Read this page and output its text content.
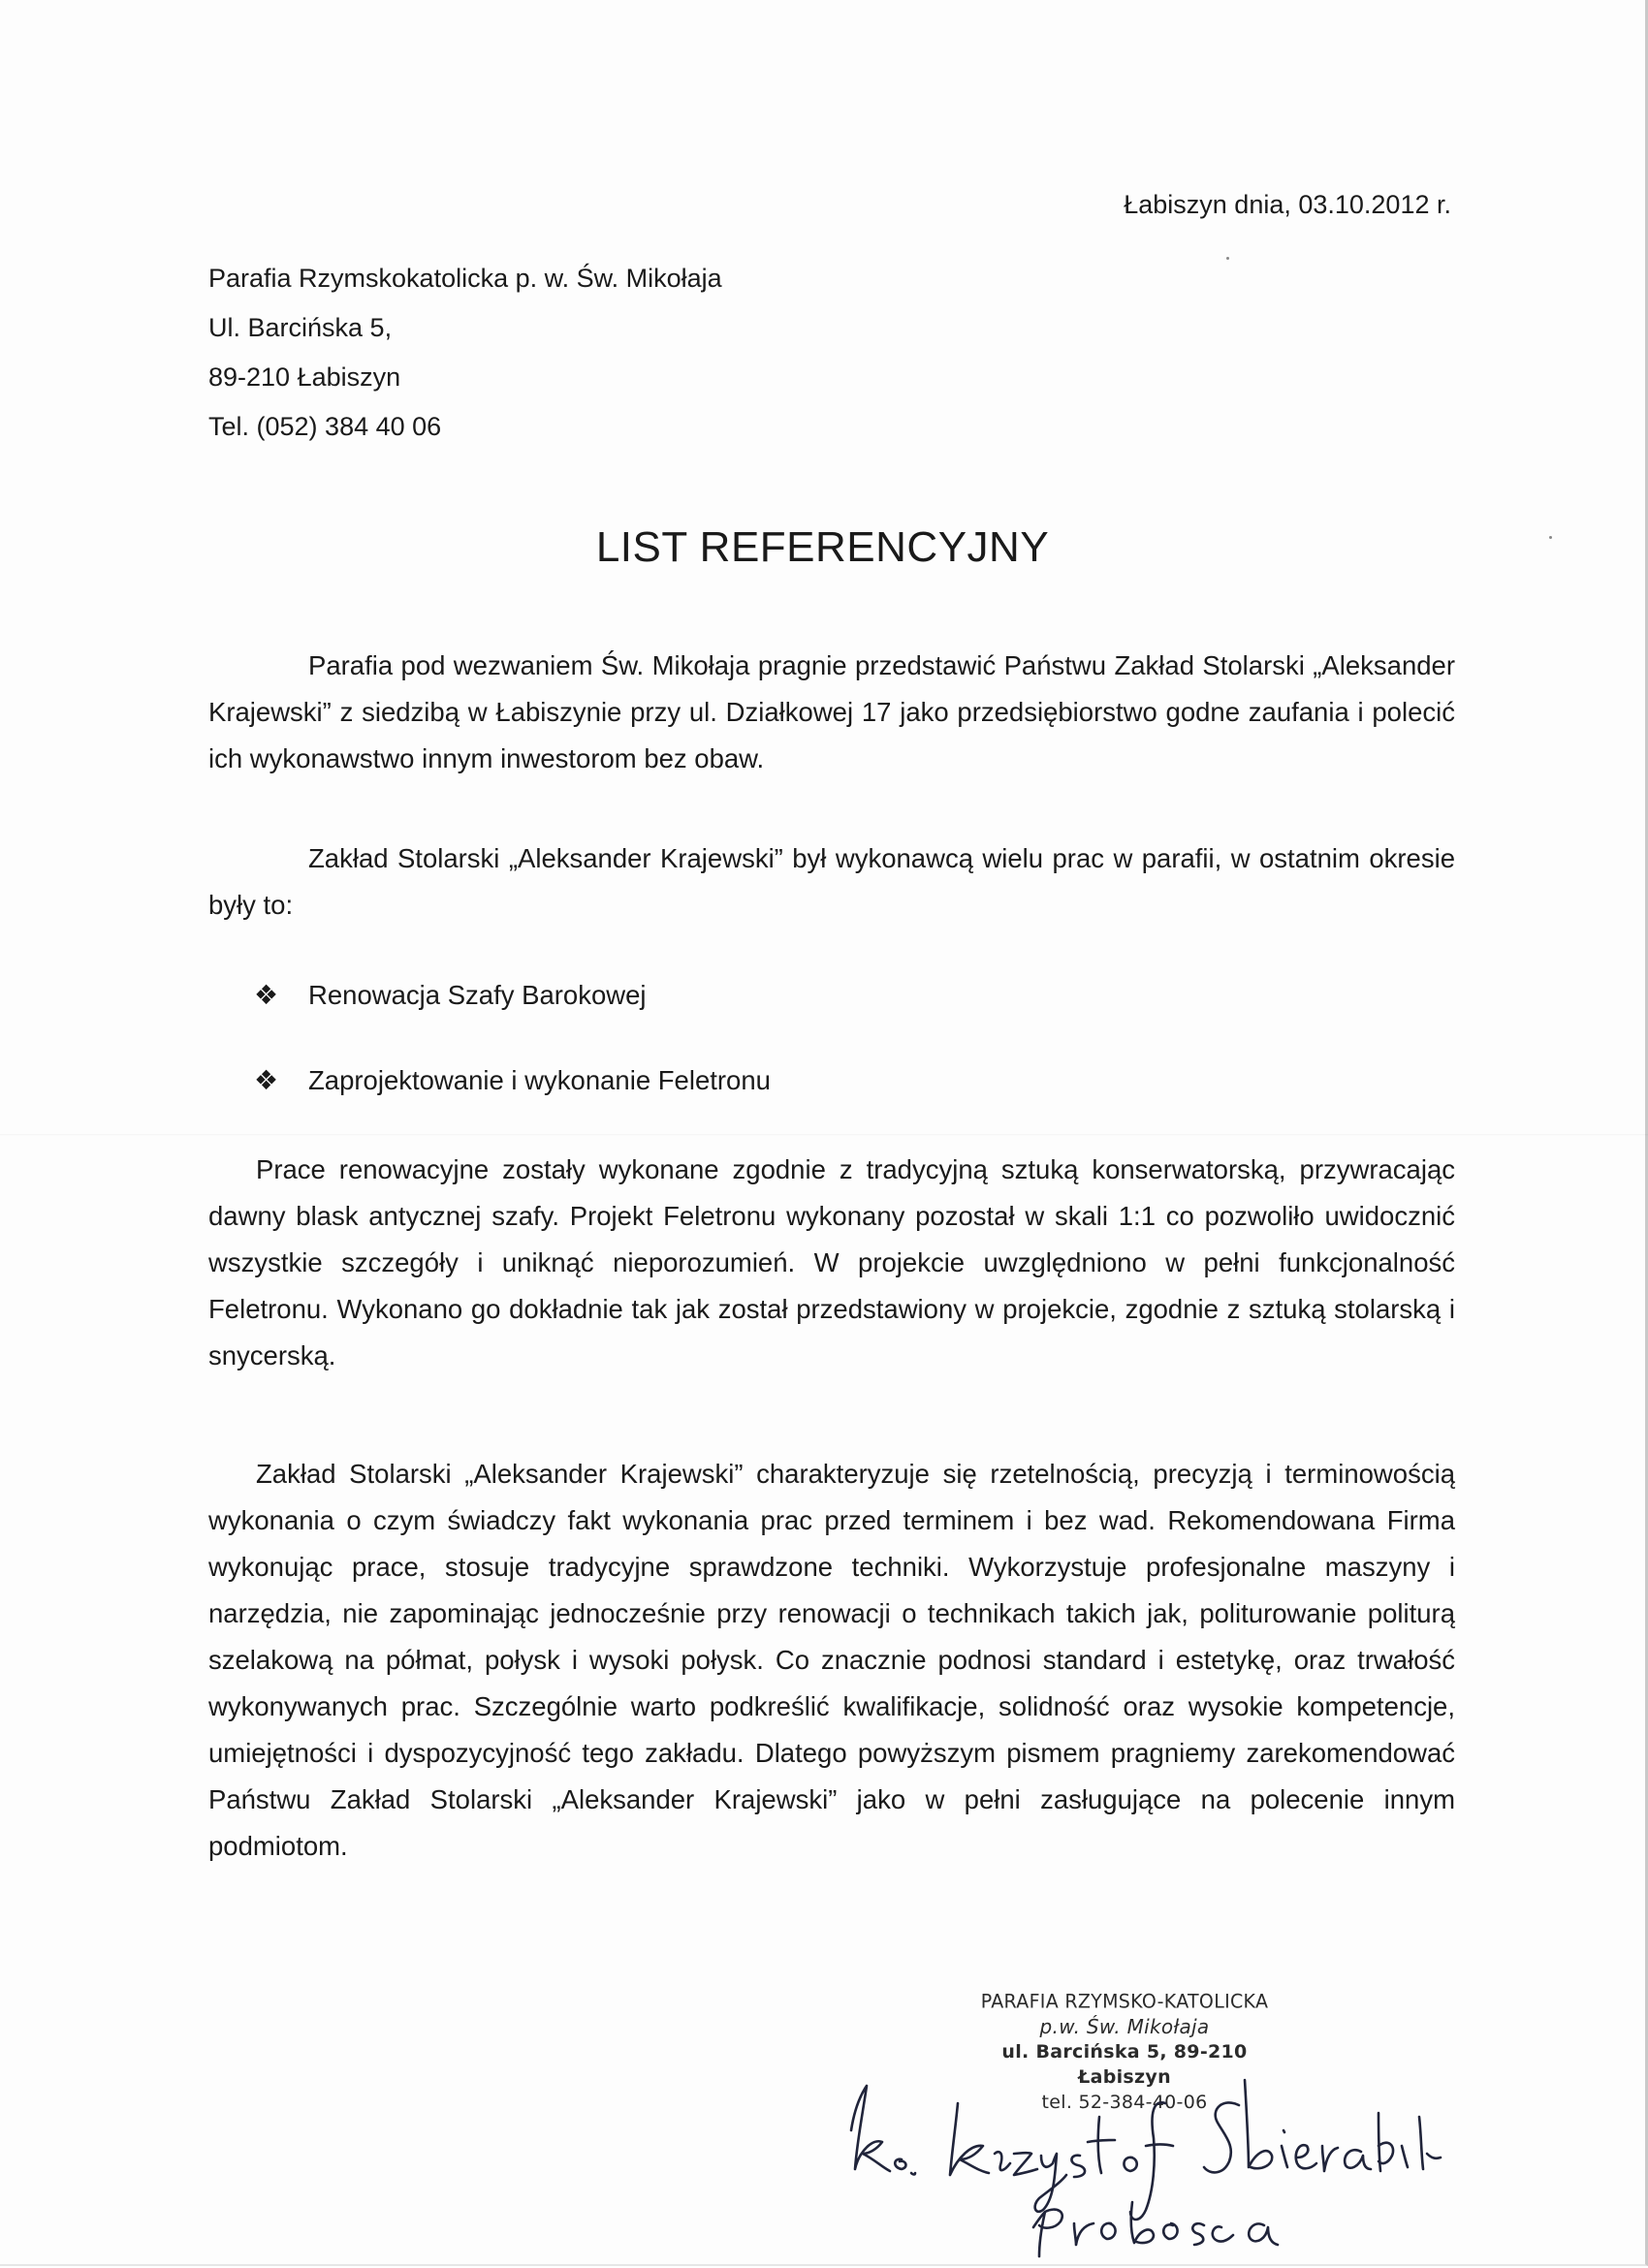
Łabiszyn dnia, 03.10.2012 r.
Parafia Rzymskokatolicka p. w. Św. Mikołaja
Ul. Barcińska 5,
89-210 Łabiszyn
Tel. (052) 384 40 06
LIST REFERENCYJNY

Parafia pod wezwaniem Św. Mikołaja pragnie przedstawić Państwu Zakład Stolarski „Aleksander Krajewski” z siedzibą w Łabiszynie przy ul. Działkowej 17 jako przedsiębiorstwo godne zaufania i polecić ich wykonawstwo innym inwestorom bez obaw.

Zakład Stolarski „Aleksander Krajewski” był wykonawcą wielu prac w parafii, w ostatnim okresie były to:

❖ Renowacja Szafy Barokowej
❖ Zaprojektowanie i wykonanie Feletronu

Prace renowacyjne zostały wykonane zgodnie z tradycyjną sztuką konserwatorską, przywracając dawny blask antycznej szafy. Projekt Feletronu wykonany pozostał w skali 1:1 co pozwoliło uwidocznić wszystkie szczegóły i uniknąć nieporozumień. W projekcie uwzględniono w pełni funkcjonalność Feletronu. Wykonano go dokładnie tak jak został przedstawiony w projekcie, zgodnie z sztuką stolarską i snycerską.

Zakład Stolarski „Aleksander Krajewski” charakteryzuje się rzetelnością, precyzją i terminowością wykonania o czym świadczy fakt wykonania prac przed terminem i bez wad. Rekomendowana Firma wykonując prace, stosuje tradycyjne sprawdzone techniki. Wykorzystuje profesjonalne maszyny i narzędzia, nie zapominając jednocześnie przy renowacji o technikach takich jak, politurowanie politurą szelakową na półmat, połysk i wysoki połysk. Co znacznie podnosi standard i estetykę, oraz trwałość wykonywanych prac. Szczególnie warto podkreślić kwalifikacje, solidność oraz wysokie kompetencje, umiejętności i dyspozycyjność tego zakładu. Dlatego powyższym pismem pragniemy zarekomendować Państwu Zakład Stolarski „Aleksander Krajewski” jako w pełni zasługujące na polecenie innym podmiotom.

PARAFIA RZYMSKO-KATOLICKA
p.w. Św. Mikołaja
ul. Barcińska 5, 89-210 Łabiszyn
tel. 52-384-40-06
